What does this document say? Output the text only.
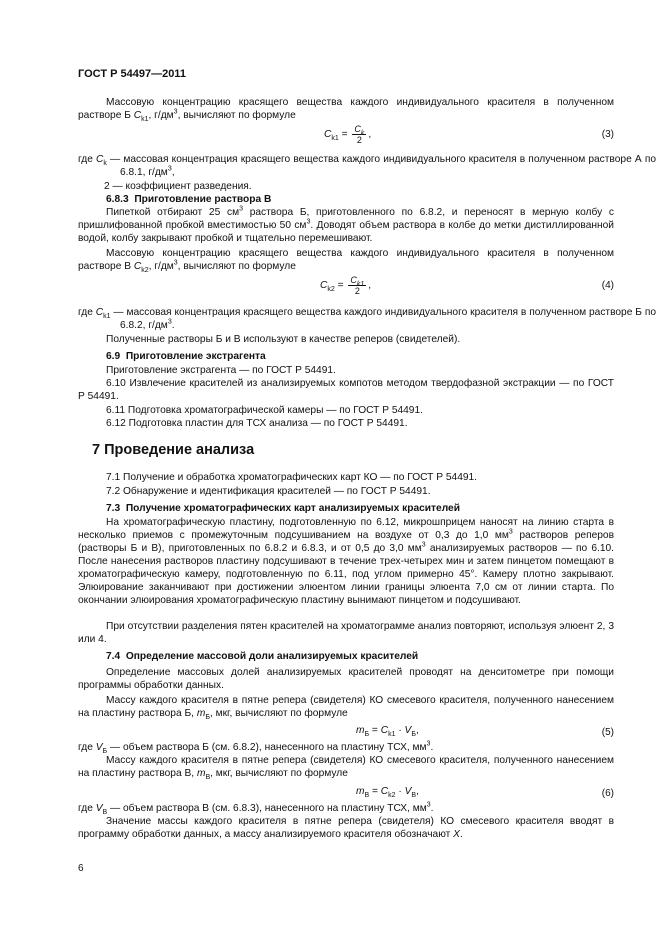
ГОСТ Р 54497—2011

Массовую концентрацию красящего вещества каждого индивидуального красителя в полученном растворе Б $C_{k1}$, $г/дм^3$, вычисляют по формуле

$C_{k1} = \frac{C_k}{2}$ ,	(3)

где $C_k$ — массовая концентрация красящего вещества каждого индивидуального красителя в полученном растворе А по 6.8.1, $г/дм^3$,

2 — коэффициент разведения.

6.8.3 Приготовление раствора В

Пипеткой отбирают 25 $см^3$ раствора Б, приготовленного по 6.8.2, и переносят в мерную колбу с пришлифованной пробкой вместимостью 50 $см^3$. Доводят объем раствора в колбе до метки дистиллированной водой, колбу закрывают пробкой и тщательно перемешивают.

Массовую концентрацию красящего вещества каждого индивидуального красителя в полученном растворе В $C_{k2}$, $г/дм^3$, вычисляют по формуле

$C_{k2} = \frac{C_{k1}}{2}$ ,	(4)

где $C_{k1}$ — массовая концентрация красящего вещества каждого индивидуального красителя в полученном растворе Б по 6.8.2, $г/дм^3$.

Полученные растворы Б и В используют в качестве реперов (свидетелей).

6.9 Приготовление экстрагента

Приготовление экстрагента — по ГОСТ Р 54491.

6.10 Извлечение красителей из анализируемых компотов методом твердофазной экстракции — по ГОСТ Р 54491.

6.11 Подготовка хроматографической камеры — по ГОСТ Р 54491.

6.12 Подготовка пластин для ТСХ анализа — по ГОСТ Р 54491.

7 Проведение анализа

7.1 Получение и обработка хроматографических карт КО — по ГОСТ Р 54491.

7.2 Обнаружение и идентификация красителей — по ГОСТ Р 54491.

7.3 Получение хроматографических карт анализируемых красителей

На хроматографическую пластину, подготовленную по 6.12, микрошприцем наносят на линию старта в несколько приемов с промежуточным подсушиванием на воздухе от 0,3 до 1,0 $мм^3$ растворов реперов (растворы Б и В), приготовленных по 6.8.2 и 6.8.3, и от 0,5 до 3,0 $мм^3$ анализируемых растворов — по 6.10. После нанесения растворов пластину подсушивают в течение трех-четырех мин и затем пинцетом помещают в хроматографическую камеру, подготовленную по 6.11, под углом примерно 45°. Камеру плотно закрывают. Элюирование заканчивают при достижении элюентом линии границы элюента 7,0 см от линии старта. По окончании элюирования хроматографическую пластину вынимают пинцетом и подсушивают.

При отсутствии разделения пятен красителей на хроматограмме анализ повторяют, используя элюент 2, 3 или 4.

7.4 Определение массовой доли анализируемых красителей

Определение массовых долей анализируемых красителей проводят на денситометре при помощи программы обработки данных.

Массу каждого красителя в пятне репера (свидетеля) КО смесевого красителя, полученного нанесением на пластину раствора Б, $m_Б$, мкг, вычисляют по формуле

$m_Б = C_{k1} \cdot V_Б$,	(5)

где $V_Б$ — объем раствора Б (см. 6.8.2), нанесенного на пластину ТСХ, $мм^3$.

Массу каждого красителя в пятне репера (свидетеля) КО смесевого красителя, полученного нанесением на пластину раствора В, $m_В$, мкг, вычисляют по формуле

$m_В = C_{k2} \cdot V_В$,	(6)

где $V_В$ — объем раствора В (см. 6.8.3), нанесенного на пластину ТСХ, $мм^3$.

Значение массы каждого красителя в пятне репера (свидетеля) КО смесевого красителя вводят в программу обработки данных, а массу анализируемого красителя обозначают X.

6
